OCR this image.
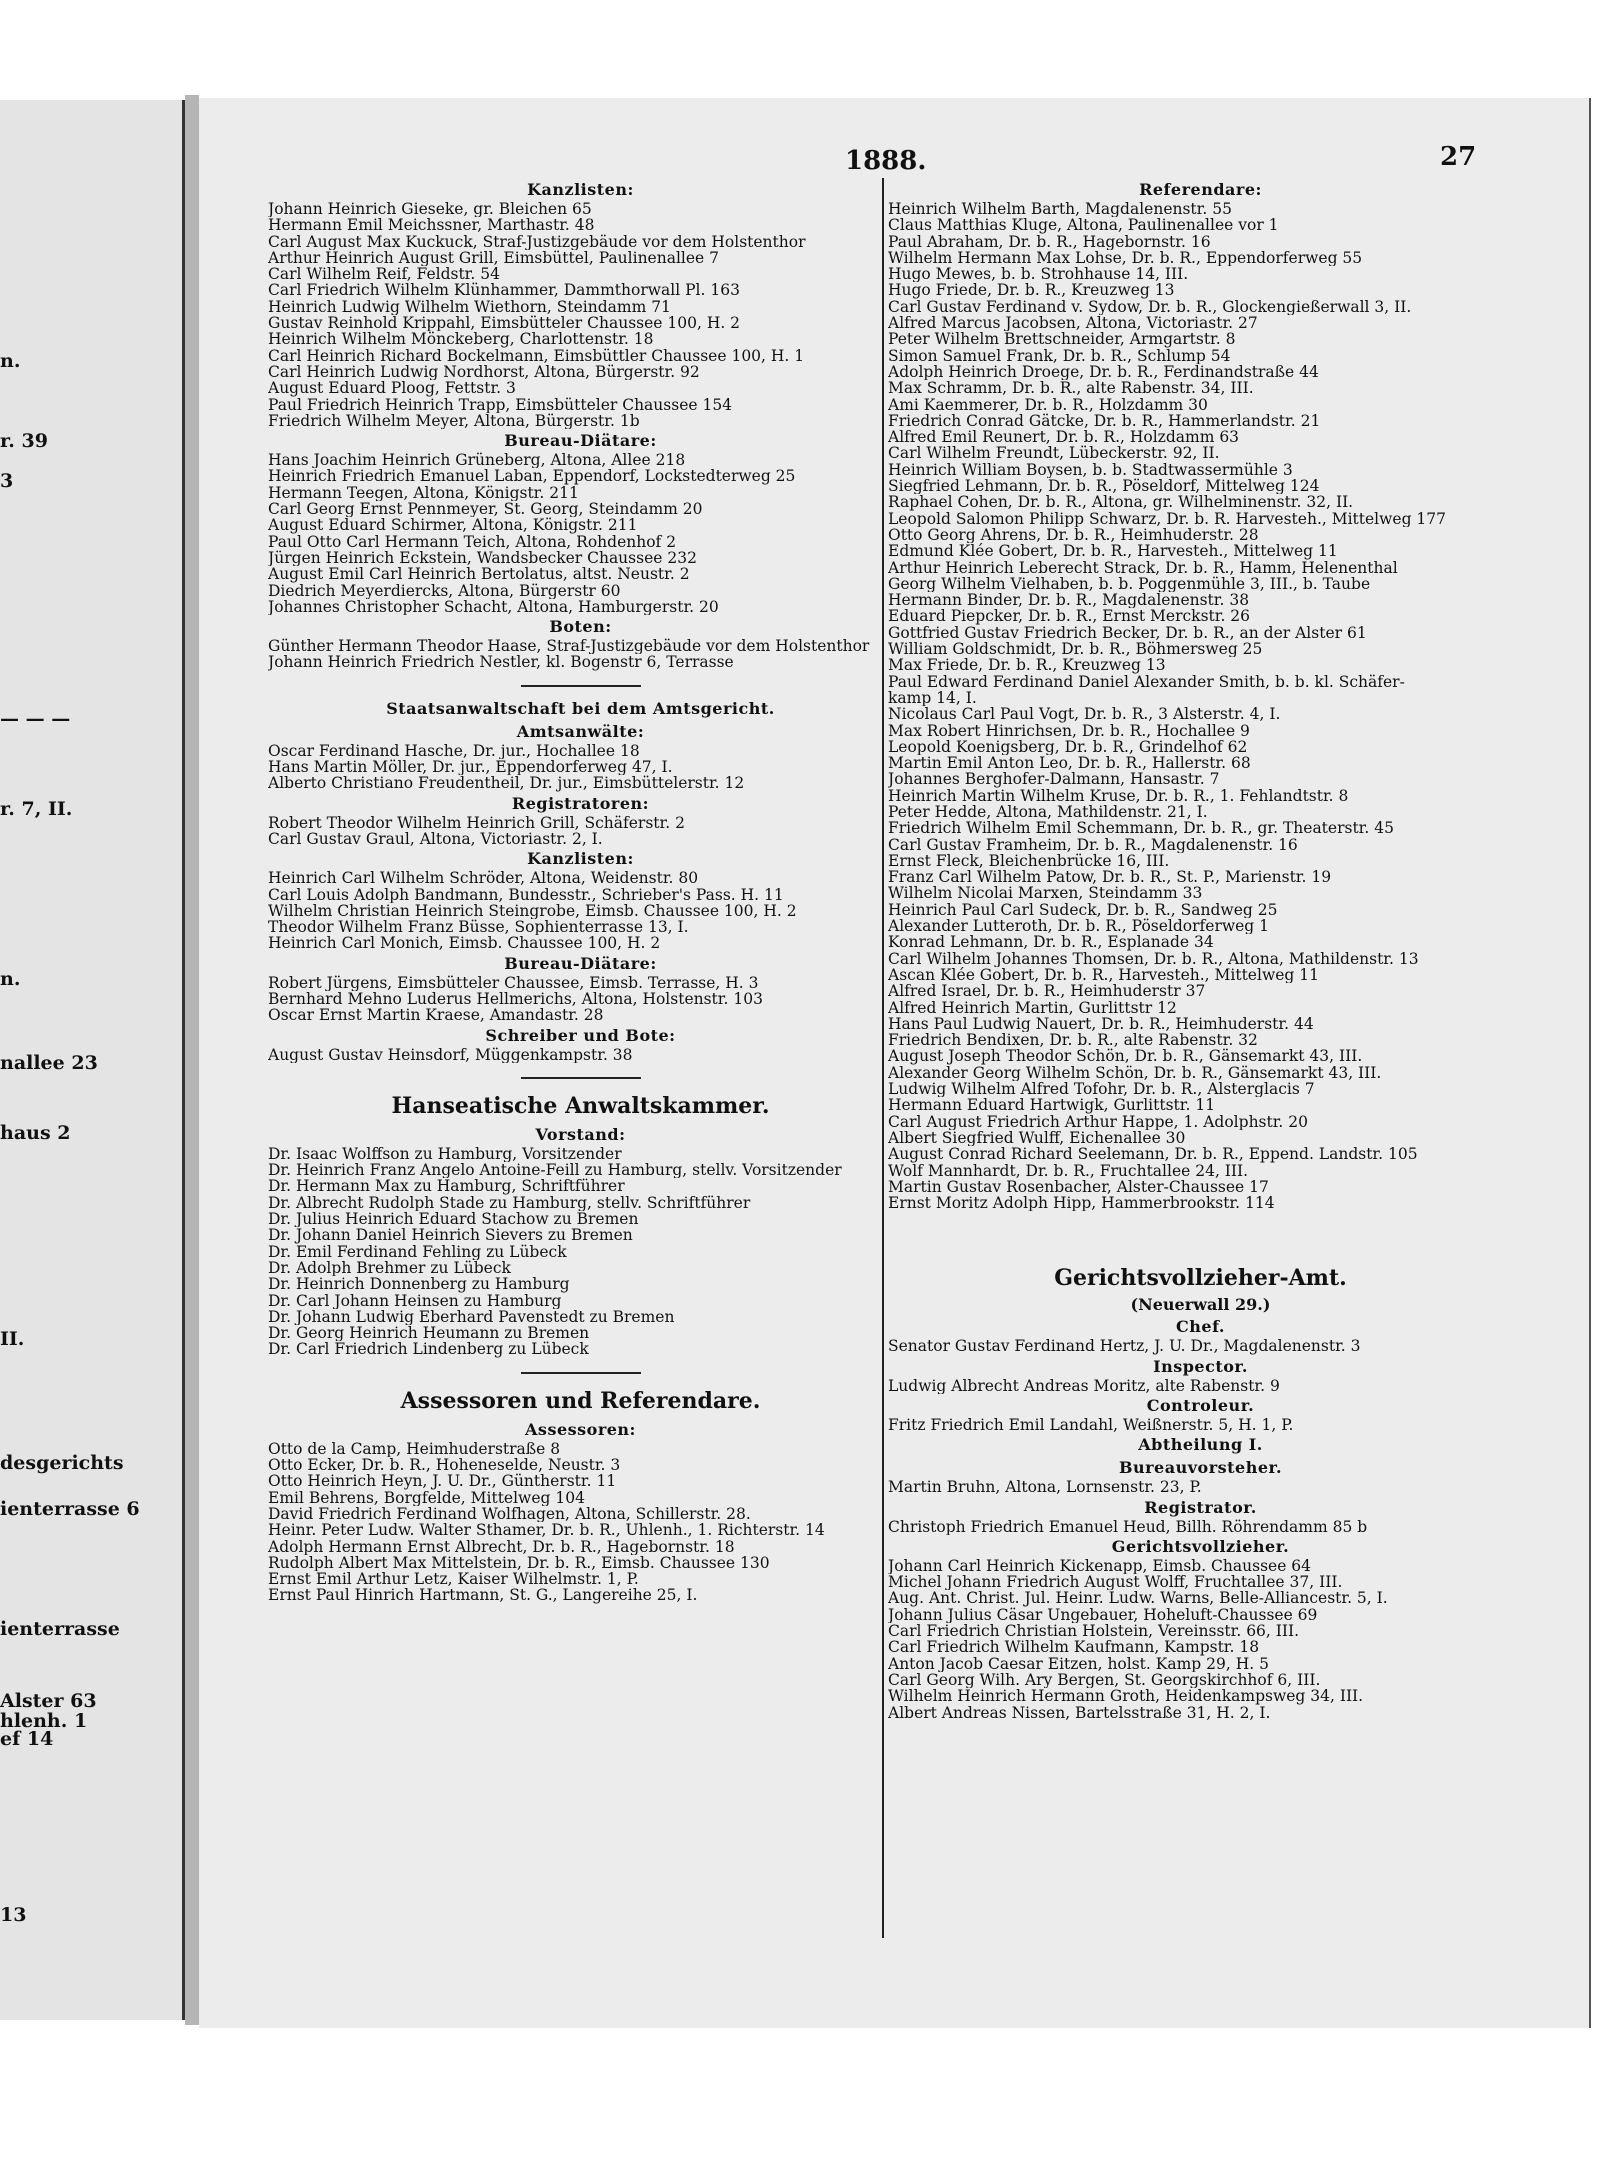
n.
r. 39
3
— — —
r. 7, II.
n.
nallee 23
haus 2
II.
desgerichts
ienterrasse 6
ienterrasse
Alster 63
hlenh. 1
ef 14
13
1888.	27
Kanzlisten:
Johann Heinrich Gieseke, gr. Bleichen 65
Hermann Emil Meichssner, Marthastr. 48
Carl August Max Kuckuck, Straf-Justizgebäude vor dem Holstenthor
Arthur Heinrich August Grill, Eimsbüttel, Paulinenallee 7
Carl Wilhelm Reif, Feldstr. 54
Carl Friedrich Wilhelm Klünhammer, Dammthorwall Pl. 163
Heinrich Ludwig Wilhelm Wiethorn, Steindamm 71
Gustav Reinhold Krippahl, Eimsbütteler Chaussee 100, H. 2
Heinrich Wilhelm Mönckeberg, Charlottenstr. 18
Carl Heinrich Richard Bockelmann, Eimsbüttler Chaussee 100, H. 1
Carl Heinrich Ludwig Nordhorst, Altona, Bürgerstr. 92
August Eduard Ploog, Fettstr. 3
Paul Friedrich Heinrich Trapp, Eimsbütteler Chaussee 154
Friedrich Wilhelm Meyer, Altona, Bürgerstr. 1b
Bureau-Diätare:
Hans Joachim Heinrich Grüneberg, Altona, Allee 218
Heinrich Friedrich Emanuel Laban, Eppendorf, Lockstedterweg 25
Hermann Teegen, Altona, Königstr. 211
Carl Georg Ernst Pennmeyer, St. Georg, Steindamm 20
August Eduard Schirmer, Altona, Königstr. 211
Paul Otto Carl Hermann Teich, Altona, Rohdenhof 2
Jürgen Heinrich Eckstein, Wandsbecker Chaussee 232
August Emil Carl Heinrich Bertolatus, altst. Neustr. 2
Diedrich Meyerdiercks, Altona, Bürgerstr 60
Johannes Christopher Schacht, Altona, Hamburgerstr. 20
Boten:
Günther Hermann Theodor Haase, Straf-Justizgebäude vor dem Holstenthor
Johann Heinrich Friedrich Nestler, kl. Bogenstr 6, Terrasse
Staatsanwaltschaft bei dem Amtsgericht.
Amtsanwälte:
Oscar Ferdinand Hasche, Dr. jur., Hochallee 18
Hans Martin Möller, Dr. jur., Eppendorferweg 47, I.
Alberto Christiano Freudentheil, Dr. jur., Eimsbüttelerstr. 12
Registratoren:
Robert Theodor Wilhelm Heinrich Grill, Schäferstr. 2
Carl Gustav Graul, Altona, Victoriastr. 2, I.
Kanzlisten:
Heinrich Carl Wilhelm Schröder, Altona, Weidenstr. 80
Carl Louis Adolph Bandmann, Bundesstr., Schrieber's Pass. H. 11
Wilhelm Christian Heinrich Steingrobe, Eimsb. Chaussee 100, H. 2
Theodor Wilhelm Franz Büsse, Sophienterrasse 13, I.
Heinrich Carl Monich, Eimsb. Chaussee 100, H. 2
Bureau-Diätare:
Robert Jürgens, Eimsbütteler Chaussee, Eimsb. Terrasse, H. 3
Bernhard Mehno Luderus Hellmerichs, Altona, Holstenstr. 103
Oscar Ernst Martin Kraese, Amandastr. 28
Schreiber und Bote:
August Gustav Heinsdorf, Müggenkampstr. 38
Hanseatische Anwaltskammer.
Vorstand:
Dr. Isaac Wolffson zu Hamburg, Vorsitzender
Dr. Heinrich Franz Angelo Antoine-Feill zu Hamburg, stellv. Vorsitzender
Dr. Hermann Max zu Hamburg, Schriftführer
Dr. Albrecht Rudolph Stade zu Hamburg, stellv. Schriftführer
Dr. Julius Heinrich Eduard Stachow zu Bremen
Dr. Johann Daniel Heinrich Sievers zu Bremen
Dr. Emil Ferdinand Fehling zu Lübeck
Dr. Adolph Brehmer zu Lübeck
Dr. Heinrich Donnenberg zu Hamburg
Dr. Carl Johann Heinsen zu Hamburg
Dr. Johann Ludwig Eberhard Pavenstedt zu Bremen
Dr. Georg Heinrich Heumann zu Bremen
Dr. Carl Friedrich Lindenberg zu Lübeck
Assessoren und Referendare.
Assessoren:
Otto de la Camp, Heimhuderstraße 8
Otto Ecker, Dr. b. R., Hoheneselde, Neustr. 3
Otto Heinrich Heyn, J. U. Dr., Güntherstr. 11
Emil Behrens, Borgfelde, Mittelweg 104
David Friedrich Ferdinand Wolfhagen, Altona, Schillerstr. 28.
Heinr. Peter Ludw. Walter Sthamer, Dr. b. R., Uhlenh., 1. Richterstr. 14
Adolph Hermann Ernst Albrecht, Dr. b. R., Hagebornstr. 18
Rudolph Albert Max Mittelstein, Dr. b. R., Eimsb. Chaussee 130
Ernst Emil Arthur Letz, Kaiser Wilhelmstr. 1, P.
Ernst Paul Hinrich Hartmann, St. G., Langereihe 25, I.
Referendare:
Heinrich Wilhelm Barth, Magdalenenstr. 55
Claus Matthias Kluge, Altona, Paulinenallee vor 1
Paul Abraham, Dr. b. R., Hagebornstr. 16
Wilhelm Hermann Max Lohse, Dr. b. R., Eppendorferweg 55
Hugo Mewes, b. b. Strohhause 14, III.
Hugo Friede, Dr. b. R., Kreuzweg 13
Carl Gustav Ferdinand v. Sydow, Dr. b. R., Glockengießerwall 3, II.
Alfred Marcus Jacobsen, Altona, Victoriastr. 27
Peter Wilhelm Brettschneider, Armgartstr. 8
Simon Samuel Frank, Dr. b. R., Schlump 54
Adolph Heinrich Droege, Dr. b. R., Ferdinandstraße 44
Max Schramm, Dr. b. R., alte Rabenstr. 34, III.
Ami Kaemmerer, Dr. b. R., Holzdamm 30
Friedrich Conrad Gätcke, Dr. b. R., Hammerlandstr. 21
Alfred Emil Reunert, Dr. b. R., Holzdamm 63
Carl Wilhelm Freundt, Lübeckerstr. 92, II.
Heinrich William Boysen, b. b. Stadtwassermühle 3
Siegfried Lehmann, Dr. b. R., Pöseldorf, Mittelweg 124
Raphael Cohen, Dr. b. R., Altona, gr. Wilhelminenstr. 32, II.
Leopold Salomon Philipp Schwarz, Dr. b. R. Harvesteh., Mittelweg 177
Otto Georg Ahrens, Dr. b. R., Heimhuderstr. 28
Edmund Klée Gobert, Dr. b. R., Harvesteh., Mittelweg 11
Arthur Heinrich Leberecht Strack, Dr. b. R., Hamm, Helenenthal
Georg Wilhelm Vielhaben, b. b. Poggenmühle 3, III., b. Taube
Hermann Binder, Dr. b. R., Magdalenenstr. 38
Eduard Piepcker, Dr. b. R., Ernst Merckstr. 26
Gottfried Gustav Friedrich Becker, Dr. b. R., an der Alster 61
William Goldschmidt, Dr. b. R., Böhmersweg 25
Max Friede, Dr. b. R., Kreuzweg 13
Paul Edward Ferdinand Daniel Alexander Smith, b. b. kl. Schäfer-
kamp 14, I.
Nicolaus Carl Paul Vogt, Dr. b. R., 3 Alsterstr. 4, I.
Max Robert Hinrichsen, Dr. b. R., Hochallee 9
Leopold Koenigsberg, Dr. b. R., Grindelhof 62
Martin Emil Anton Leo, Dr. b. R., Hallerstr. 68
Johannes Berghofer-Dalmann, Hansastr. 7
Heinrich Martin Wilhelm Kruse, Dr. b. R., 1. Fehlandtstr. 8
Peter Hedde, Altona, Mathildenstr. 21, I.
Friedrich Wilhelm Emil Schemmann, Dr. b. R., gr. Theaterstr. 45
Carl Gustav Framheim, Dr. b. R., Magdalenenstr. 16
Ernst Fleck, Bleichenbrücke 16, III.
Franz Carl Wilhelm Patow, Dr. b. R., St. P., Marienstr. 19
Wilhelm Nicolai Marxen, Steindamm 33
Heinrich Paul Carl Sudeck, Dr. b. R., Sandweg 25
Alexander Lutteroth, Dr. b. R., Pöseldorferweg 1
Konrad Lehmann, Dr. b. R., Esplanade 34
Carl Wilhelm Johannes Thomsen, Dr. b. R., Altona, Mathildenstr. 13
Ascan Klée Gobert, Dr. b. R., Harvesteh., Mittelweg 11
Alfred Israel, Dr. b. R., Heimhuderstr 37
Alfred Heinrich Martin, Gurlittstr 12
Hans Paul Ludwig Nauert, Dr. b. R., Heimhuderstr. 44
Friedrich Bendixen, Dr. b. R., alte Rabenstr. 32
August Joseph Theodor Schön, Dr. b. R., Gänsemarkt 43, III.
Alexander Georg Wilhelm Schön, Dr. b. R., Gänsemarkt 43, III.
Ludwig Wilhelm Alfred Tofohr, Dr. b. R., Alsterglacis 7
Hermann Eduard Hartwigk, Gurlittstr. 11
Carl August Friedrich Arthur Happe, 1. Adolphstr. 20
Albert Siegfried Wulff, Eichenallee 30
August Conrad Richard Seelemann, Dr. b. R., Eppend. Landstr. 105
Wolf Mannhardt, Dr. b. R., Fruchtallee 24, III.
Martin Gustav Rosenbacher, Alster-Chaussee 17
Ernst Moritz Adolph Hipp, Hammerbrookstr. 114
Gerichtsvollzieher-Amt.
(Neuerwall 29.)
Chef.
Senator Gustav Ferdinand Hertz, J. U. Dr., Magdalenenstr. 3
Inspector.
Ludwig Albrecht Andreas Moritz, alte Rabenstr. 9
Controleur.
Fritz Friedrich Emil Landahl, Weißnerstr. 5, H. 1, P.
Abtheilung I.
Bureauvorsteher.
Martin Bruhn, Altona, Lornsenstr. 23, P.
Registrator.
Christoph Friedrich Emanuel Heud, Billh. Röhrendamm 85 b
Gerichtsvollzieher.
Johann Carl Heinrich Kickenapp, Eimsb. Chaussee 64
Michel Johann Friedrich August Wolff, Fruchtallee 37, III.
Aug. Ant. Christ. Jul. Heinr. Ludw. Warns, Belle-Alliancestr. 5, I.
Johann Julius Cäsar Ungebauer, Hoheluft-Chaussee 69
Carl Friedrich Christian Holstein, Vereinsstr. 66, III.
Carl Friedrich Wilhelm Kaufmann, Kampstr. 18
Anton Jacob Caesar Eitzen, holst. Kamp 29, H. 5
Carl Georg Wilh. Ary Bergen, St. Georgskirchhof 6, III.
Wilhelm Heinrich Hermann Groth, Heidenkampsweg 34, III.
Albert Andreas Nissen, Bartelsstraße 31, H. 2, I.
